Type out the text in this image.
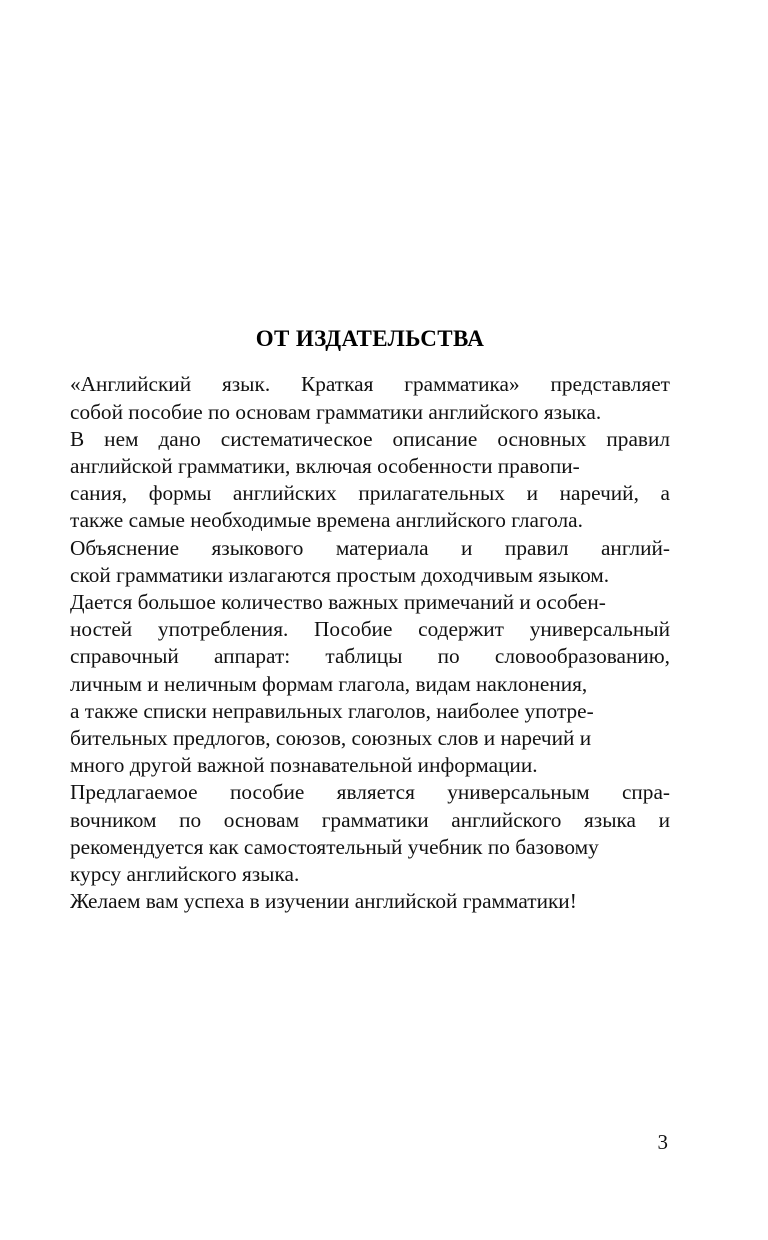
ОТ ИЗДАТЕЛЬСТВА
«Английский язык. Краткая грамматика» представляет
собой пособие по основам грамматики английского языка.
В нем дано систематическое описание основных правил
английской грамматики, включая особенности правопи-
сания, формы английских прилагательных и наречий, а
также самые необходимые времена английского глагола.
Объяснение языкового материала и правил англий-
ской грамматики излагаются простым доходчивым языком.
Дается большое количество важных примечаний и особен-
ностей употребления. Пособие содержит универсальный
справочный аппарат: таблицы по словообразованию,
личным и неличным формам глагола, видам наклонения,
а также списки неправильных глаголов, наиболее употре-
бительных предлогов, союзов, союзных слов и наречий и
много другой важной познавательной информации.
Предлагаемое пособие является универсальным спра-
вочником по основам грамматики английского языка и
рекомендуется как самостоятельный учебник по базовому
курсу английского языка.
Желаем вам успеха в изучении английской грамматики!
3
